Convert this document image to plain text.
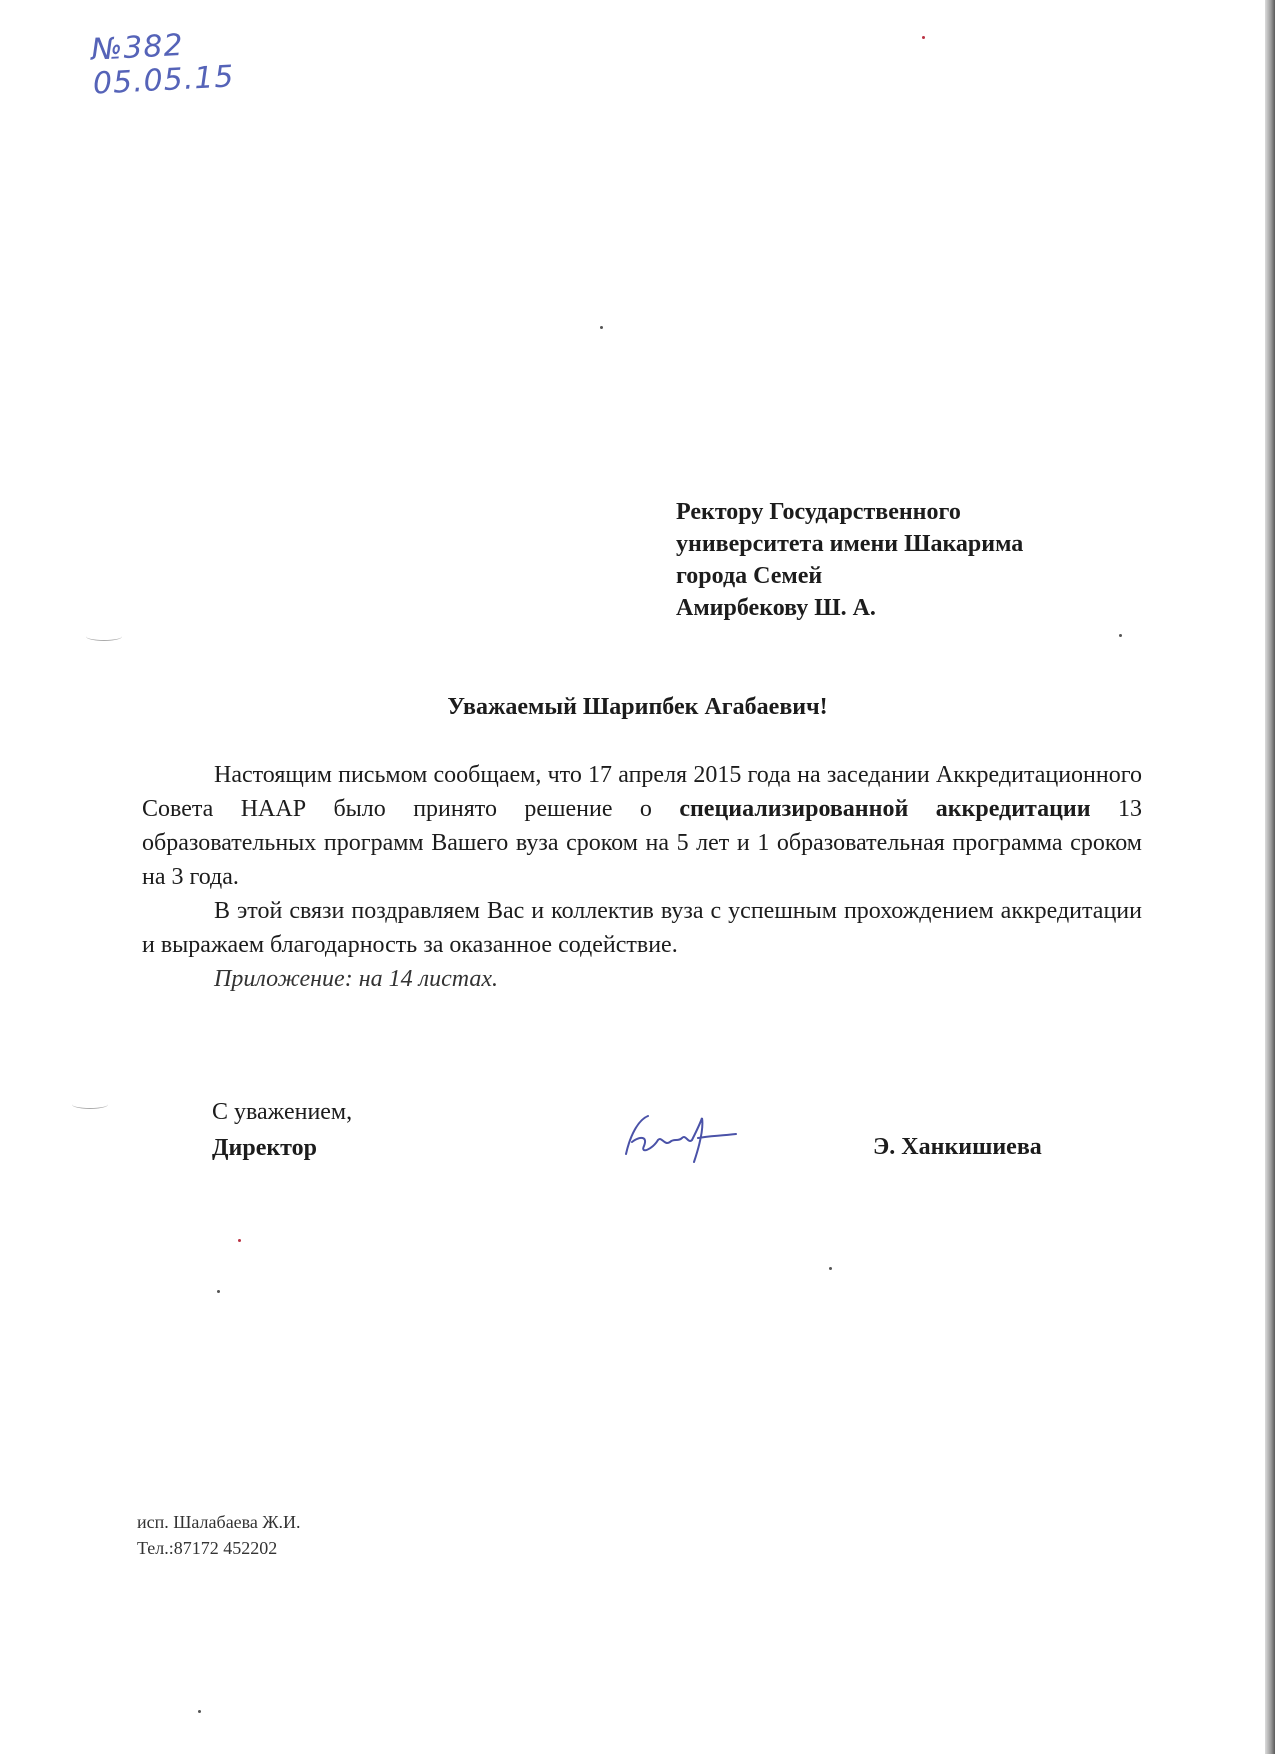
№382
05.05.15
Ректору Государственного
университета имени Шакарима
города Семей
Амирбекову Ш. А.
Уважаемый Шарипбек Агабаевич!

Настоящим письмом сообщаем, что 17 апреля 2015 года на заседании Аккредитационного Совета НААР было принято решение о специализированной аккредитации 13 образовательных программ Вашего вуза сроком на 5 лет и 1 образовательная программа сроком на 3 года.

В этой связи поздравляем Вас и коллектив вуза с успешным прохождением аккредитации и выражаем благодарность за оказанное содействие.

Приложение: на 14 листах.

С уважением,
Директор	Э. Ханкишиева
исп. Шалабаева Ж.И.
Тел.:87172 452202
